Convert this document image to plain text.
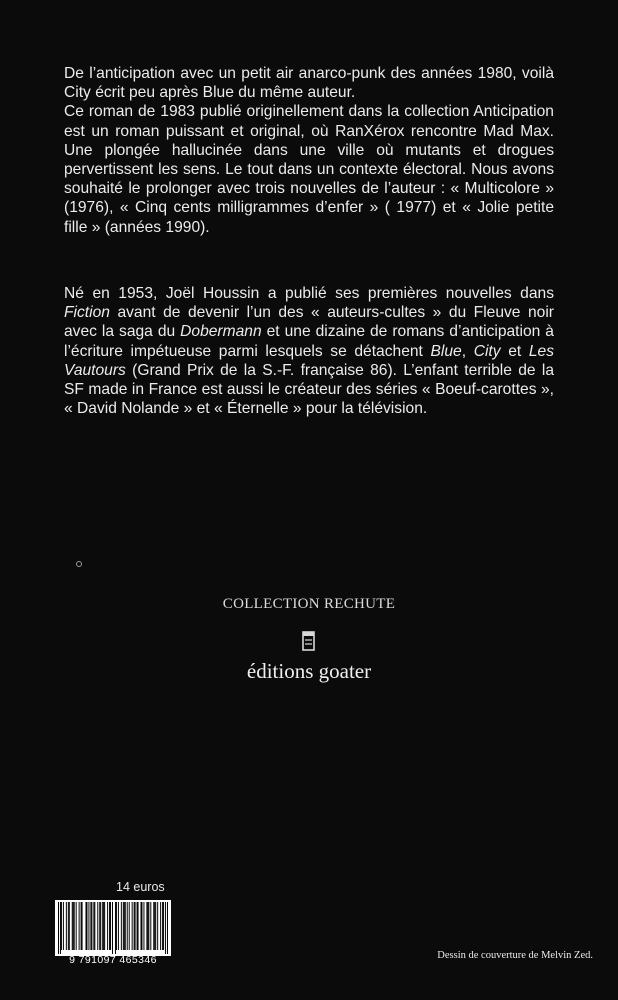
De l’anticipation avec un petit air anarco-punk des années 1980, voilà City écrit peu après Blue du même auteur.

Ce roman de 1983 publié originellement dans la collection Anticipation est un roman puissant et original, où RanXérox rencontre Mad Max. Une plongée hallucinée dans une ville où mutants et drogues pervertissent les sens. Le tout dans un contexte électoral. Nous avons souhaité le prolonger avec trois nouvelles de l’auteur : « Multicolore » (1976), « Cinq cents milligrammes d’enfer » ( 1977) et « Jolie petite fille » (années 1990).

Né en 1953, Joël Houssin a publié ses premières nouvelles dans Fiction avant de devenir l’un des « auteurs-cultes » du Fleuve noir avec la saga du Dobermann et une dizaine de romans d’anticipation à l’écriture impétueuse parmi lesquels se détachent Blue, City et Les Vautours (Grand Prix de la S.-F. française 86). L’enfant terrible de la SF made in France est aussi le créateur des séries « Boeuf-carottes », « David Nolande » et « Éternelle » pour la télévision.

COLLECTION RECHUTE
éditions goater
14 euros
9 791097 465346	Dessin de couverture de Melvin Zed.
